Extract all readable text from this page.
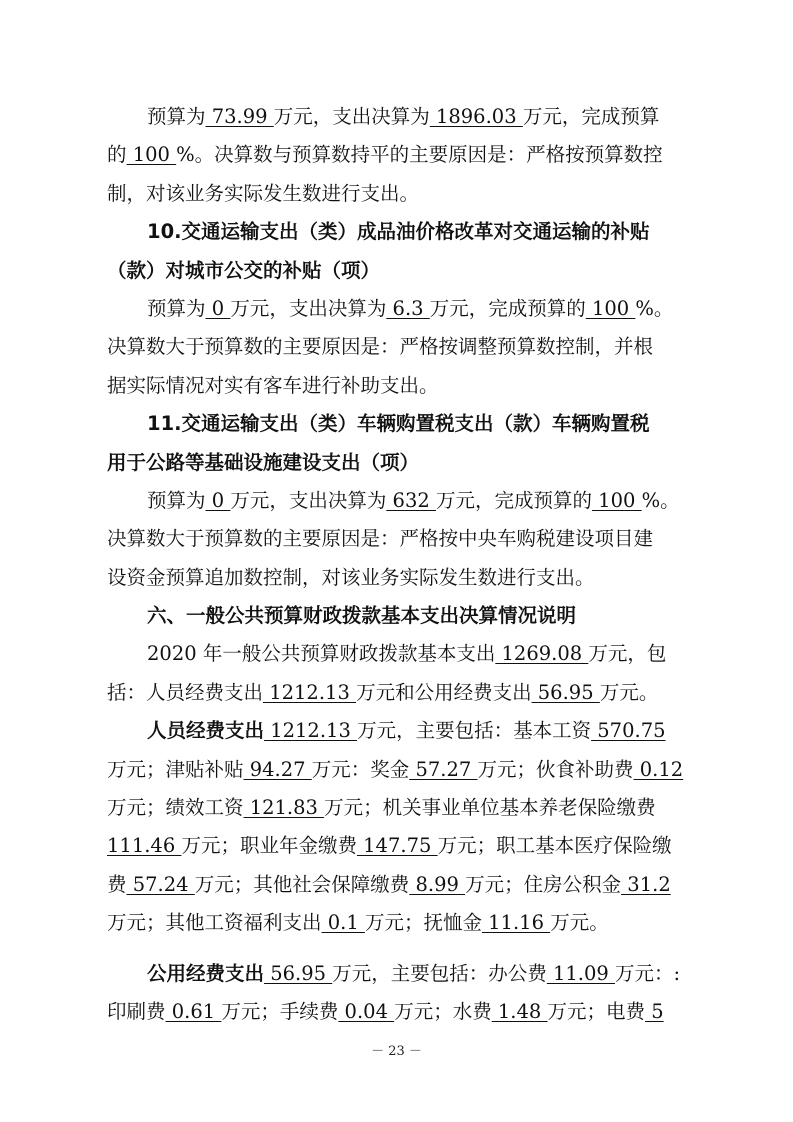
预算为 73.99 万元，支出决算为 1896.03 万元，完成预算
的 100 %。决算数与预算数持平的主要原因是：严格按预算数控
制，对该业务实际发生数进行支出。
10.交通运输支出（类）成品油价格改革对交通运输的补贴
（款）对城市公交的补贴（项）
预算为 0 万元，支出决算为 6.3 万元，完成预算的 100 %。
决算数大于预算数的主要原因是：严格按调整预算数控制，并根
据实际情况对实有客车进行补助支出。
11.交通运输支出（类）车辆购置税支出（款）车辆购置税
用于公路等基础设施建设支出（项）
预算为 0 万元，支出决算为 632 万元，完成预算的 100 %。
决算数大于预算数的主要原因是：严格按中央车购税建设项目建
设资金预算追加数控制，对该业务实际发生数进行支出。
六、一般公共预算财政拨款基本支出决算情况说明
2020 年一般公共预算财政拨款基本支出 1269.08 万元，包
括：人员经费支出 1212.13 万元和公用经费支出 56.95 万元。
人员经费支出 1212.13 万元，主要包括：基本工资 570.75
万元；津贴补贴 94.27 万元：奖金 57.27 万元；伙食补助费 0.12
万元；绩效工资 121.83 万元；机关事业单位基本养老保险缴费
111.46 万元；职业年金缴费 147.75 万元；职工基本医疗保险缴
费 57.24 万元；其他社会保障缴费 8.99 万元；住房公积金 31.2
万元；其他工资福利支出 0.1 万元；抚恤金 11.16 万元。
公用经费支出 56.95 万元，主要包括：办公费 11.09 万元：:
印刷费 0.61 万元；手续费 0.04 万元；水费 1.48 万元；电费 5
－ 23 －
